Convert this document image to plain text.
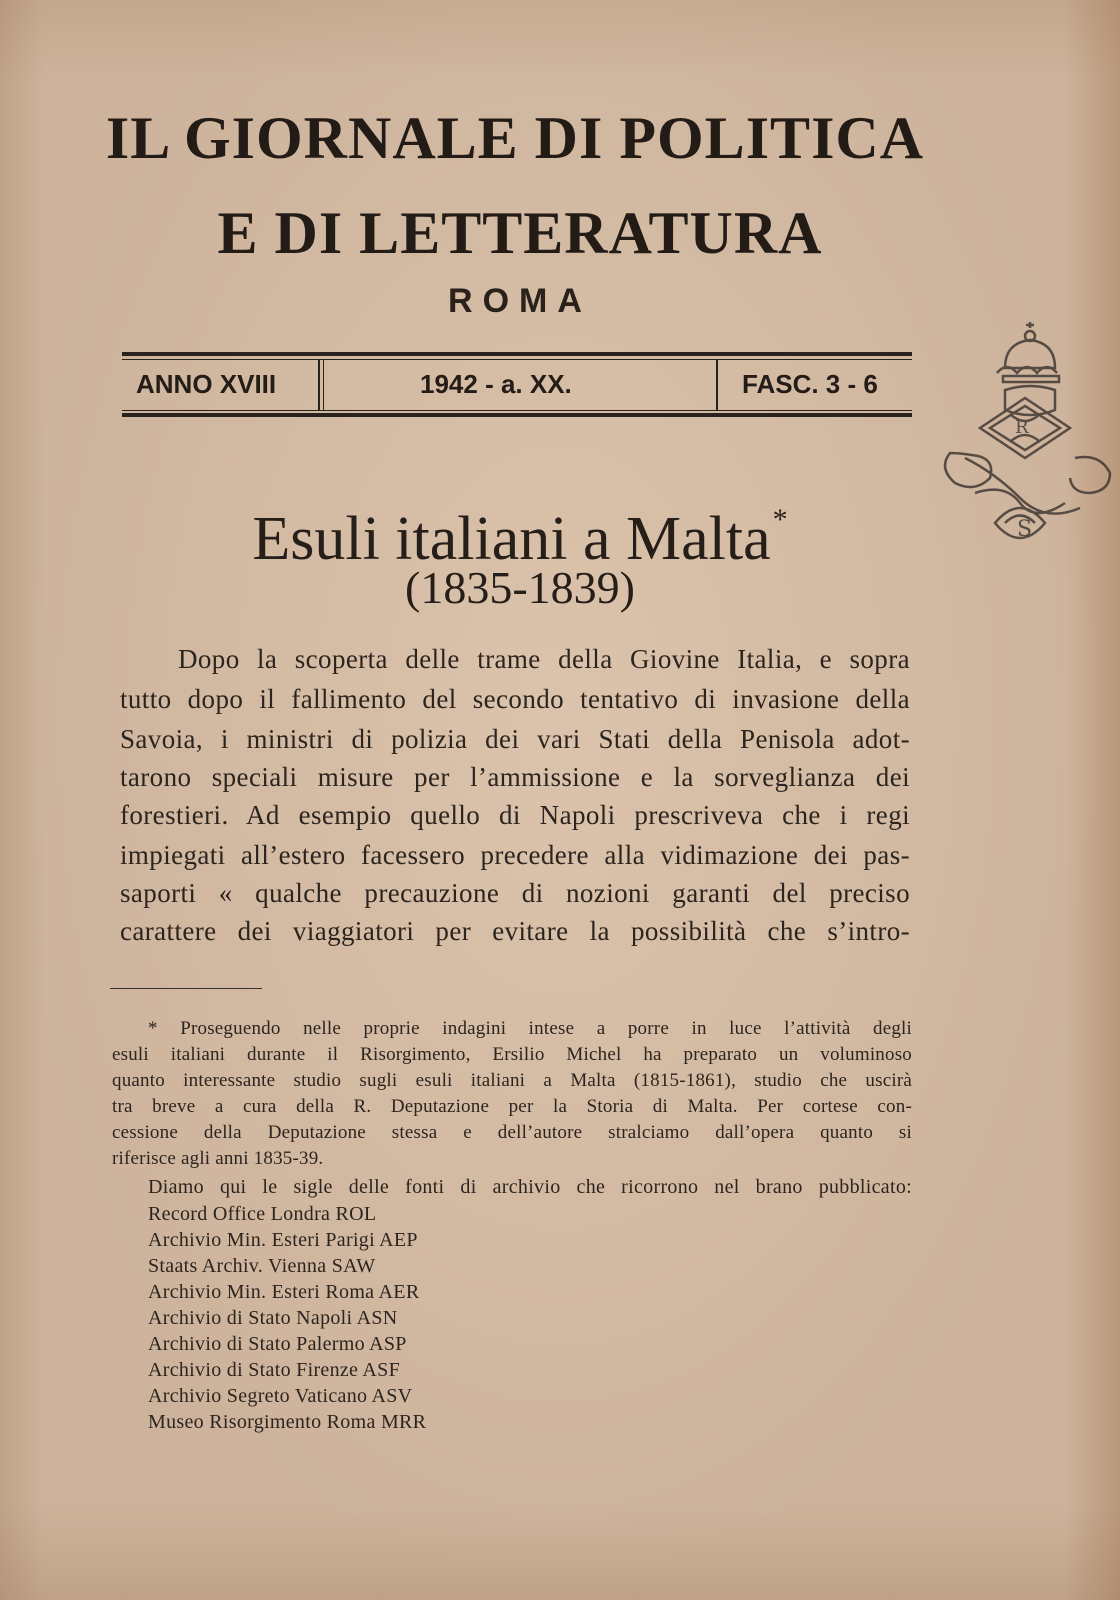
IL GIORNALE DI POLITICA
E DI LETTERATURA
ROMA
ANNO XVIII	1942 - a. XX.	FASC. 3 - 6
S
R
Esuli italiani a Malta*
(1835-1839)
Dopo la scoperta delle trame della Giovine Italia, e sopra
tutto dopo il fallimento del secondo tentativo di invasione della
Savoia, i ministri di polizia dei vari Stati della Penisola adot-
tarono speciali misure per l’ammissione e la sorveglianza dei
forestieri. Ad esempio quello di Napoli prescriveva che i regi
impiegati all’estero facessero precedere alla vidimazione dei pas-
saporti « qualche precauzione di nozioni garanti del preciso
carattere dei viaggiatori per evitare la possibilità che s’intro-
* Proseguendo nelle proprie indagini intese a porre in luce l’attività degli
esuli italiani durante il Risorgimento, Ersilio Michel ha preparato un voluminoso
quanto interessante studio sugli esuli italiani a Malta (1815-1861), studio che uscirà
tra breve a cura della R. Deputazione per la Storia di Malta. Per cortese con-
cessione della Deputazione stessa e dell’autore stralciamo dall’opera quanto si
riferisce agli anni 1835-39.
Diamo qui le sigle delle fonti di archivio che ricorrono nel brano pubblicato:
Record Office Londra ROL
Archivio Min. Esteri Parigi AEP
Staats Archiv. Vienna SAW
Archivio Min. Esteri Roma AER
Archivio di Stato Napoli ASN
Archivio di Stato Palermo ASP
Archivio di Stato Firenze ASF
Archivio Segreto Vaticano ASV
Museo Risorgimento Roma MRR
